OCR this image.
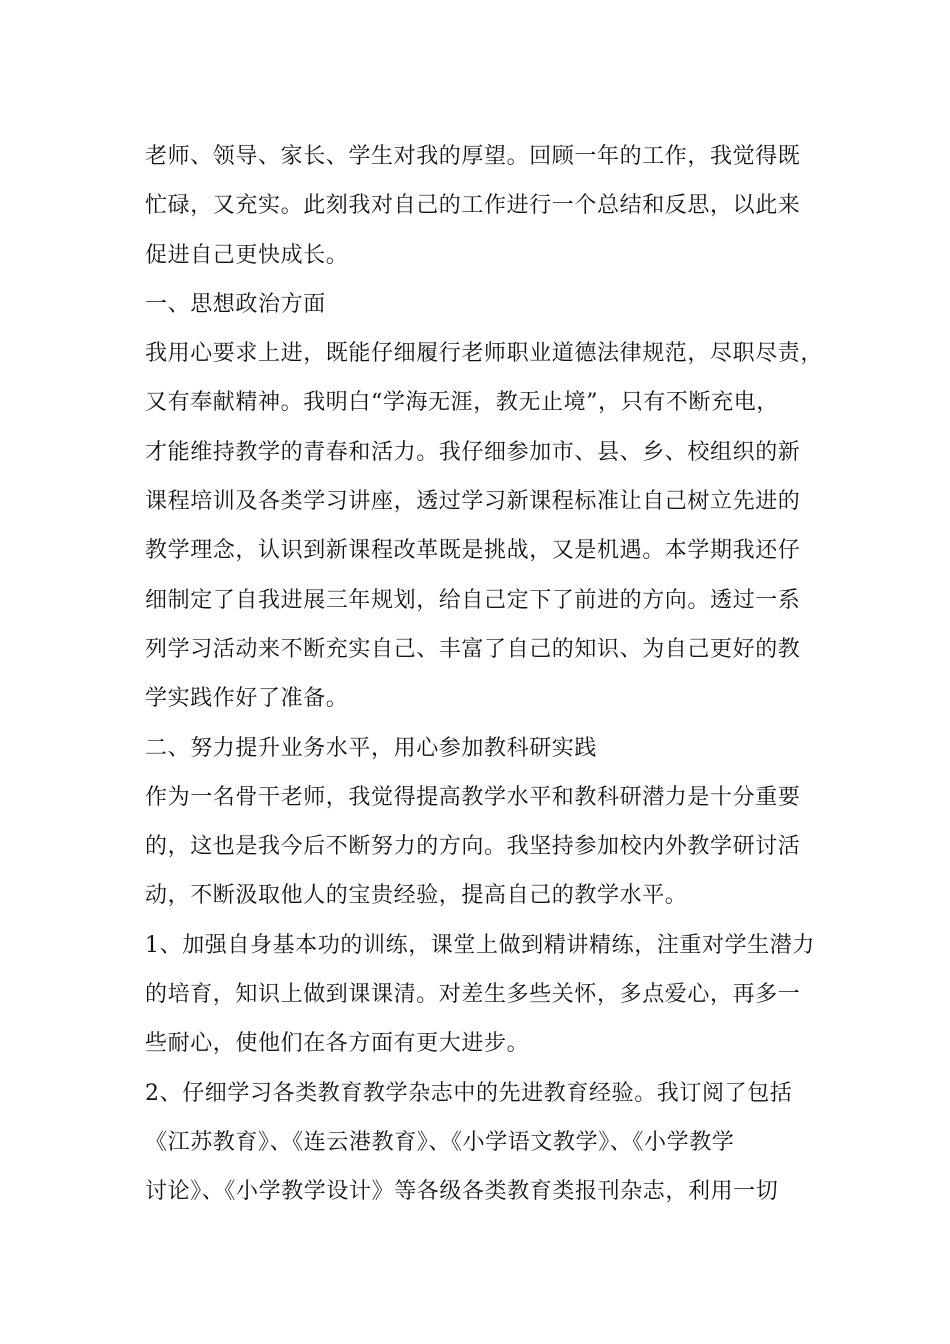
老师、领导、家长、学生对我的厚望。回顾一年的工作，我觉得既
忙碌，又充实。此刻我对自己的工作进行一个总结和反思，以此来
促进自己更快成长。
一、思想政治方面
我用心要求上进，既能仔细履行老师职业道德法律规范，尽职尽责，
又有奉献精神。我明白“学海无涯，教无止境”，只有不断充电，
才能维持教学的青春和活力。我仔细参加市、县、乡、校组织的新
课程培训及各类学习讲座，透过学习新课程标准让自己树立先进的
教学理念，认识到新课程改革既是挑战，又是机遇。本学期我还仔
细制定了自我进展三年规划，给自己定下了前进的方向。透过一系
列学习活动来不断充实自己、丰富了自己的知识、为自己更好的教
学实践作好了准备。
二、努力提升业务水平，用心参加教科研实践
作为一名骨干老师，我觉得提高教学水平和教科研潜力是十分重要
的，这也是我今后不断努力的方向。我坚持参加校内外教学研讨活
动，不断汲取他人的宝贵经验，提高自己的教学水平。
1、加强自身基本功的训练，课堂上做到精讲精练，注重对学生潜力
的培育，知识上做到课课清。对差生多些关怀，多点爱心，再多一
些耐心，使他们在各方面有更大进步。
2、仔细学习各类教育教学杂志中的先进教育经验。我订阅了包括
《江苏教育》、《连云港教育》、《小学语文教学》、《小学教学
讨论》、《小学教学设计》等各级各类教育类报刊杂志，利用一切
